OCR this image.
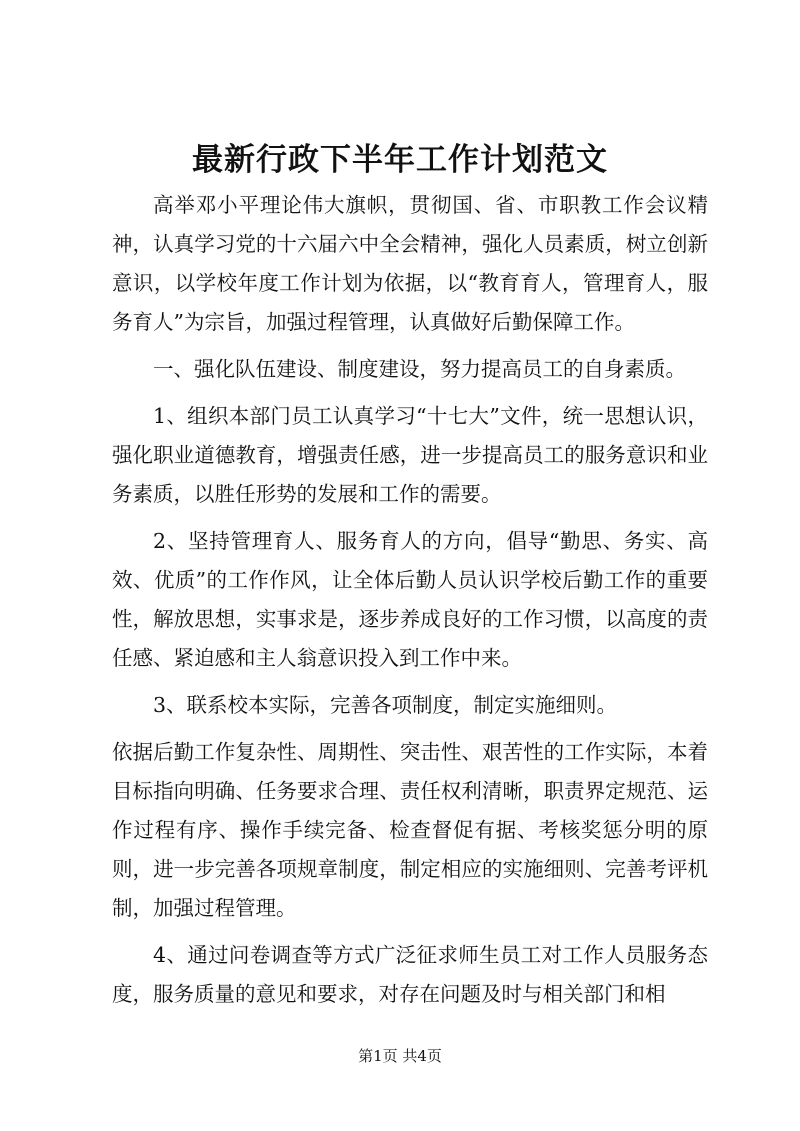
最新行政下半年工作计划范文

高举邓小平理论伟大旗帜，贯彻国、省、市职教工作会议精神，认真学习党的十六届六中全会精神，强化人员素质，树立创新意识，以学校年度工作计划为依据，以“教育育人，管理育人，服务育人”为宗旨，加强过程管理，认真做好后勤保障工作。

一、强化队伍建设、制度建设，努力提高员工的自身素质。

1、组织本部门员工认真学习“十七大”文件，统一思想认识，强化职业道德教育，增强责任感，进一步提高员工的服务意识和业务素质，以胜任形势的发展和工作的需要。

2、坚持管理育人、服务育人的方向，倡导“勤思、务实、高效、优质”的工作作风，让全体后勤人员认识学校后勤工作的重要性，解放思想，实事求是，逐步养成良好的工作习惯，以高度的责任感、紧迫感和主人翁意识投入到工作中来。

3、联系校本实际，完善各项制度，制定实施细则。

依据后勤工作复杂性、周期性、突击性、艰苦性的工作实际，本着目标指向明确、任务要求合理、责任权利清晰，职责界定规范、运作过程有序、操作手续完备、检查督促有据、考核奖惩分明的原则，进一步完善各项规章制度，制定相应的实施细则、完善考评机制，加强过程管理。

4、通过问卷调查等方式广泛征求师生员工对工作人员服务态度，服务质量的意见和要求，对存在问题及时与相关部门和相

第1页 共4页
